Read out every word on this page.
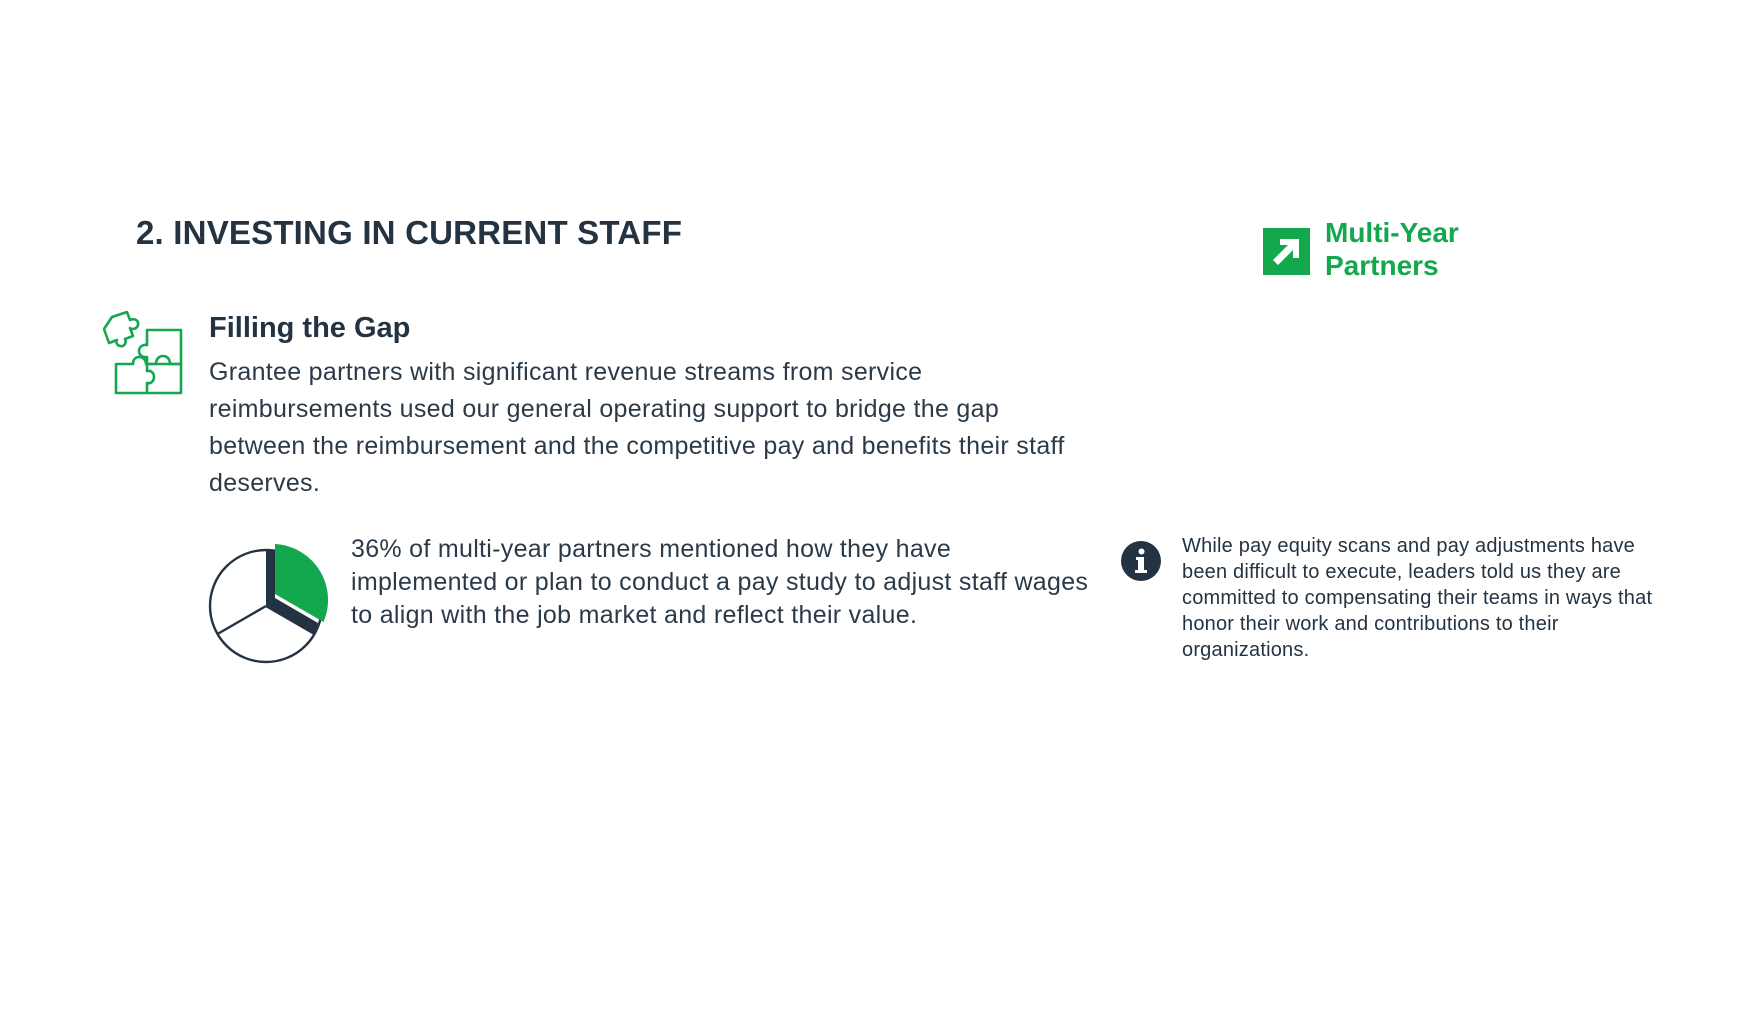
2. INVESTING IN CURRENT STAFF	Multi-Year Partners
Filling the Gap

Grantee partners with significant revenue streams from service reimbursements used our general operating support to bridge the gap between the reimbursement and the competitive pay and benefits their staff deserves.

36% of multi-year partners mentioned how they have implemented or plan to conduct a pay study to adjust staff wages to align with the job market and reflect their value.

While pay equity scans and pay adjustments have been difficult to execute, leaders told us they are committed to compensating their teams in ways that honor their work and contributions to their organizations.
